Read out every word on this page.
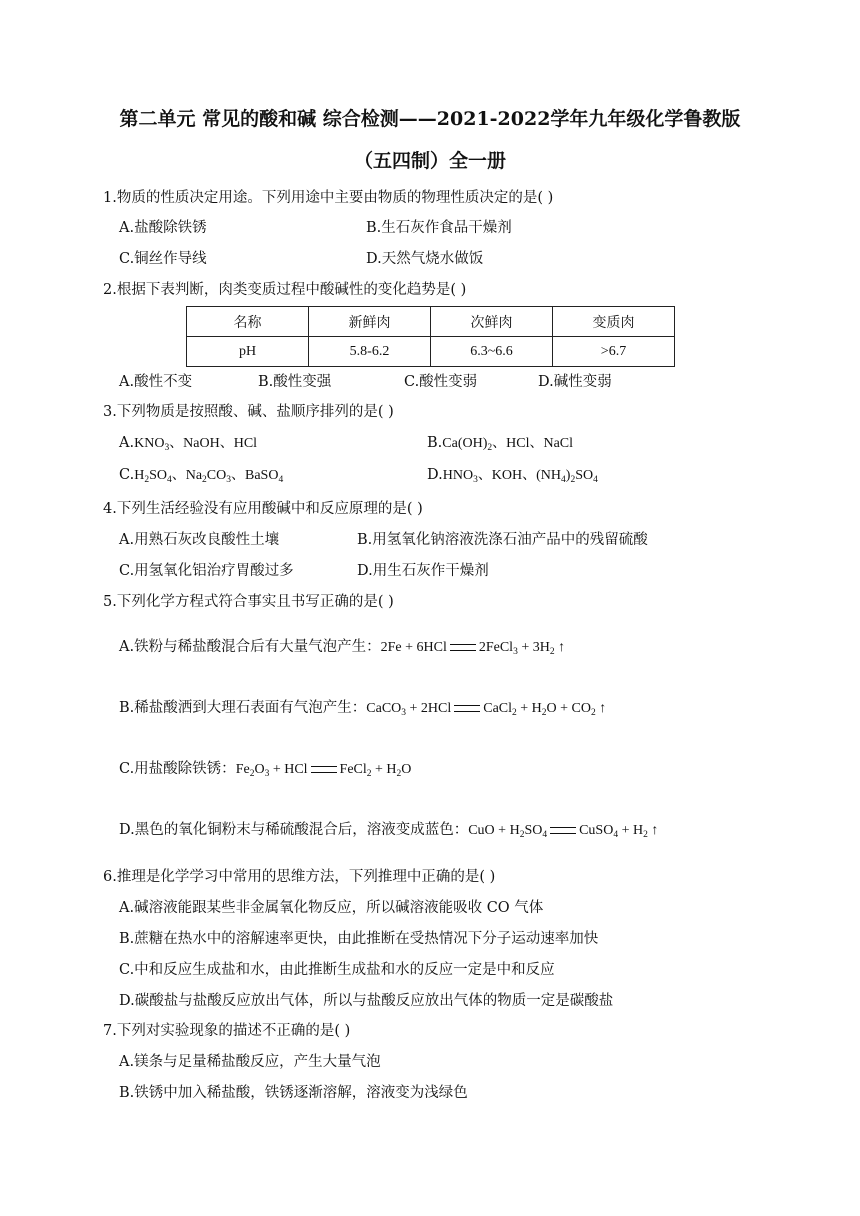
第二单元 常见的酸和碱 综合检测——2021-2022学年九年级化学鲁教版
（五四制）全一册
1.物质的性质决定用途。下列用途中主要由物质的物理性质决定的是( )
A.盐酸除铁锈	B.生石灰作食品干燥剂
C.铜丝作导线	D.天然气烧水做饭
2.根据下表判断，肉类变质过程中酸碱性的变化趋势是( )
名称	新鲜肉	次鲜肉	变质肉
pH	5.8-6.2	6.3~6.6	>6.7
A.酸性不变	B.酸性变强	C.酸性变弱	D.碱性变弱
3.下列物质是按照酸、碱、盐顺序排列的是( )
$A.KNO_3$、NaOH、HCl	$B.Ca(OH)_2$、HCl、NaCl
$C.H_2SO_4$、$Na_2CO_3$、BaSO$_4$	$D.HNO_3$、KOH、$(NH_4)_2SO_4$
4.下列生活经验没有应用酸碱中和反应原理的是( )
A.用熟石灰改良酸性土壤	B.用氢氧化钠溶液洗涤石油产品中的残留硫酸
C.用氢氧化铝治疗胃酸过多	D.用生石灰作干燥剂
5.下列化学方程式符合事实且书写正确的是( )
A.铁粉与稀盐酸混合后有大量气泡产生：2Fe + 6HCl 2FeCl$_3$ + $3H_2$ ↑
B.稀盐酸洒到大理石表面有气泡产生：CaCO$_3$ + 2HCl CaCl$_2$ + $H_2O + CO_2$ ↑
C.用盐酸除铁锈：$Fe_2O_3$ + HCl FeCl$_2$ + $H_2O$
D.黑色的氧化铜粉末与稀硫酸混合后，溶液变成蓝色：CuO + $H_2SO_4$ CuSO$_4$ + $H_2$ ↑
6.推理是化学学习中常用的思维方法，下列推理中正确的是( )
A.碱溶液能跟某些非金属氧化物反应，所以碱溶液能吸收 CO 气体
B.蔗糖在热水中的溶解速率更快，由此推断在受热情况下分子运动速率加快
C.中和反应生成盐和水，由此推断生成盐和水的反应一定是中和反应
D.碳酸盐与盐酸反应放出气体，所以与盐酸反应放出气体的物质一定是碳酸盐
7.下列对实验现象的描述不正确的是( )
A.镁条与足量稀盐酸反应，产生大量气泡
B.铁锈中加入稀盐酸，铁锈逐渐溶解，溶液变为浅绿色
